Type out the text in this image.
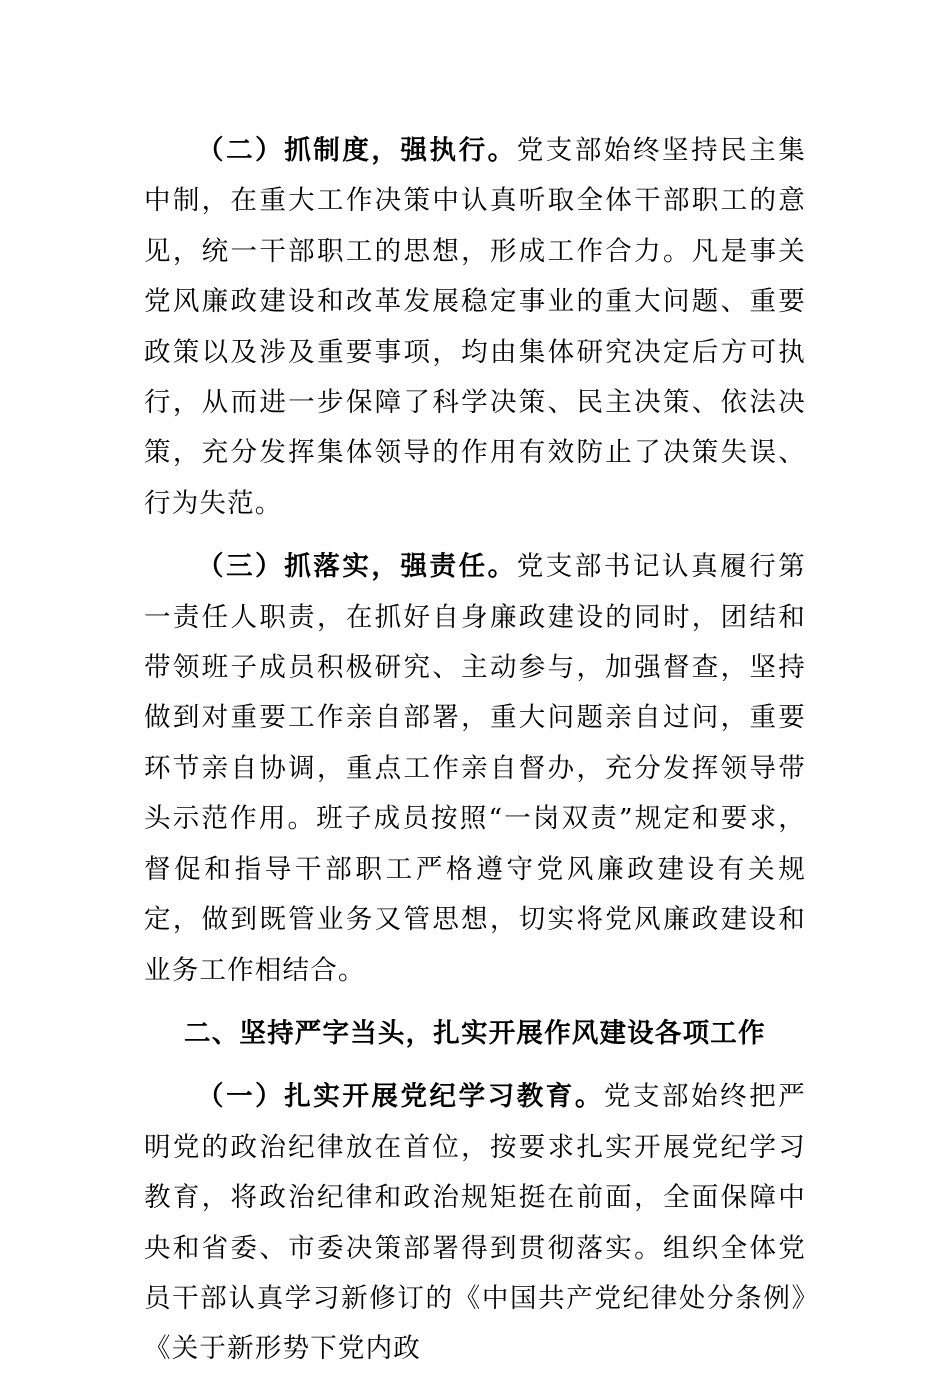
（二）抓制度，强执行。党支部始终坚持民主集中制，在重大工作决策中认真听取全体干部职工的意见，统一干部职工的思想，形成工作合力。凡是事关党风廉政建设和改革发展稳定事业的重大问题、重要政策以及涉及重要事项，均由集体研究决定后方可执行，从而进一步保障了科学决策、民主决策、依法决策，充分发挥集体领导的作用有效防止了决策失误、行为失范。

（三）抓落实，强责任。党支部书记认真履行第一责任人职责，在抓好自身廉政建设的同时，团结和带领班子成员积极研究、主动参与，加强督查，坚持做到对重要工作亲自部署，重大问题亲自过问，重要环节亲自协调，重点工作亲自督办，充分发挥领导带头示范作用。班子成员按照“一岗双责”规定和要求，督促和指导干部职工严格遵守党风廉政建设有关规定，做到既管业务又管思想，切实将党风廉政建设和业务工作相结合。

二、坚持严字当头，扎实开展作风建设各项工作

（一）扎实开展党纪学习教育。党支部始终把严明党的政治纪律放在首位，按要求扎实开展党纪学习教育，将政治纪律和政治规矩挺在前面，全面保障中央和省委、市委决策部署得到贯彻落实。组织全体党员干部认真学习新修订的《中国共产党纪律处分条例》《关于新形势下党内政
